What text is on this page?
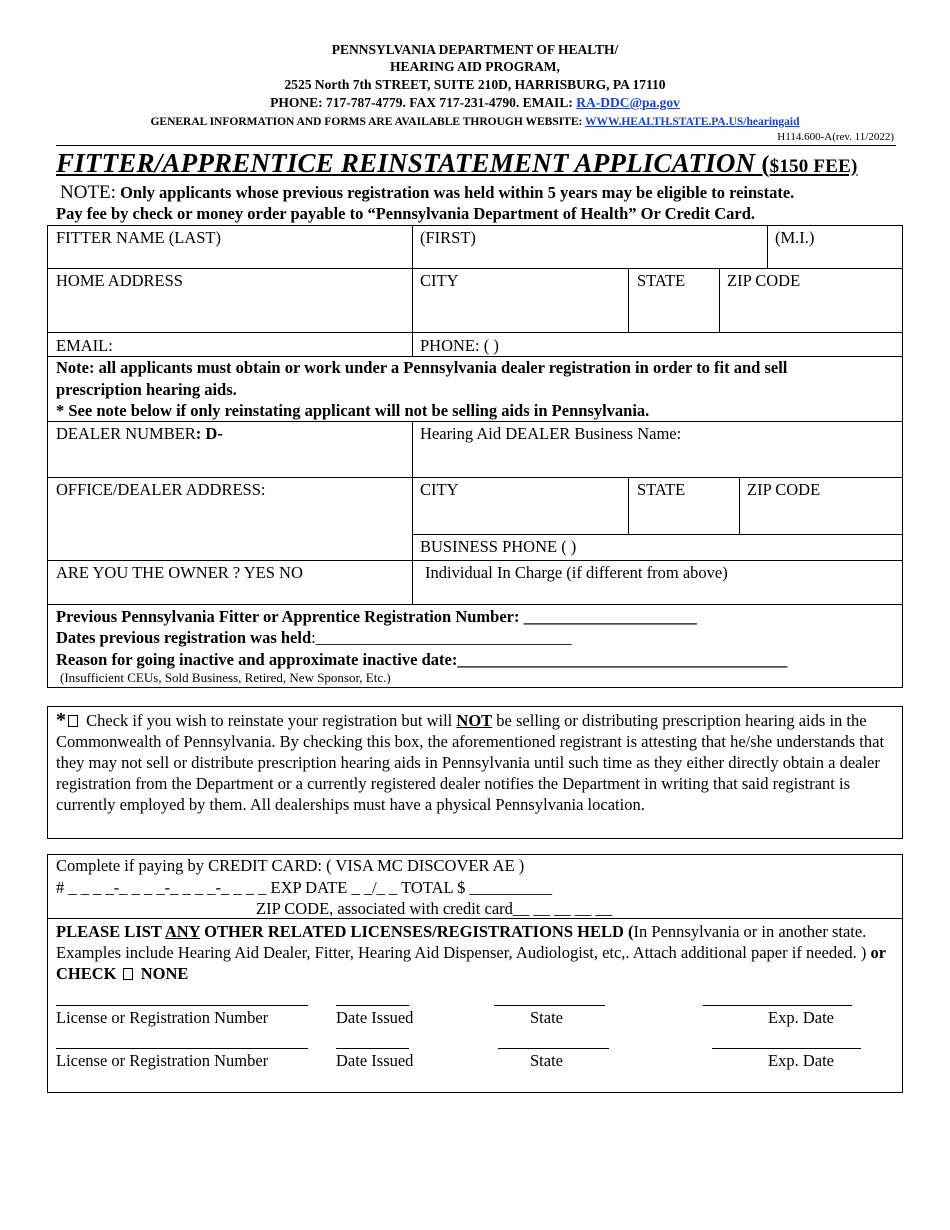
PENNSYLVANIA DEPARTMENT OF HEALTH/
HEARING AID PROGRAM,
2525 North 7th STREET, SUITE 210D, HARRISBURG, PA 17110
PHONE: 717-787-4779. FAX 717-231-4790. EMAIL: RA-DDC@pa.gov
GENERAL INFORMATION AND FORMS ARE AVAILABLE THROUGH WEBSITE: WWW.HEALTH.STATE.PA.US/hearingaid
H114.600-A(rev. 11/2022)
FITTER/APPRENTICE REINSTATEMENT APPLICATION ($150 FEE)
NOTE: Only applicants whose previous registration was held within 5 years may be eligible to reinstate.
Pay fee by check or money order payable to “Pennsylvania Department of Health” Or Credit Card.
FITTER NAME (LAST)	(FIRST)	(M.I.)
HOME ADDRESS	CITY	STATE	ZIP CODE
EMAIL:	PHONE: ( )
Note: all applicants must obtain or work under a Pennsylvania dealer registration in order to fit and sell
prescription hearing aids.
* See note below if only reinstating applicant will not be selling aids in Pennsylvania.
DEALER NUMBER: D-	Hearing Aid DEALER Business Name:
OFFICE/DEALER ADDRESS:	CITY	STATE	ZIP CODE
BUSINESS PHONE ( )
ARE YOU THE OWNER ? YES NO	Individual In Charge (if different from above)
Previous Pennsylvania Fitter or Apprentice Registration Number: _____________________
Dates previous registration was held:_______________________________
Reason for going inactive and approximate inactive date:________________________________________
(Insufficient CEUs, Sold Business, Retired, New Sponsor, Etc.)
* Check if you wish to reinstate your registration but will NOT be selling or distributing prescription hearing aids in the Commonwealth of Pennsylvania. By checking this box, the aforementioned registrant is attesting that he/she understands that they may not sell or distribute prescription hearing aids in Pennsylvania until such time as they either directly obtain a dealer registration from the Department or a currently registered dealer notifies the Department in writing that said registrant is currently employed by them. All dealerships must have a physical Pennsylvania location.
Complete if paying by CREDIT CARD: ( VISA MC DISCOVER AE )
# _ _ _ _-_ _ _ _-_ _ _ _-_ _ _ _ EXP DATE _ _/_ _ TOTAL $ __________
ZIP CODE, associated with credit card__ __ __ __ __
PLEASE LIST ANY OTHER RELATED LICENSES/REGISTRATIONS HELD (In Pennsylvania or in another state. Examples include Hearing Aid Dealer, Fitter, Hearing Aid Dispenser, Audiologist, etc,. Attach additional paper if needed. ) or CHECK  NONE
License or Registration Number	Date Issued	State	Exp. Date
License or Registration Number	Date Issued	State	Exp. Date
